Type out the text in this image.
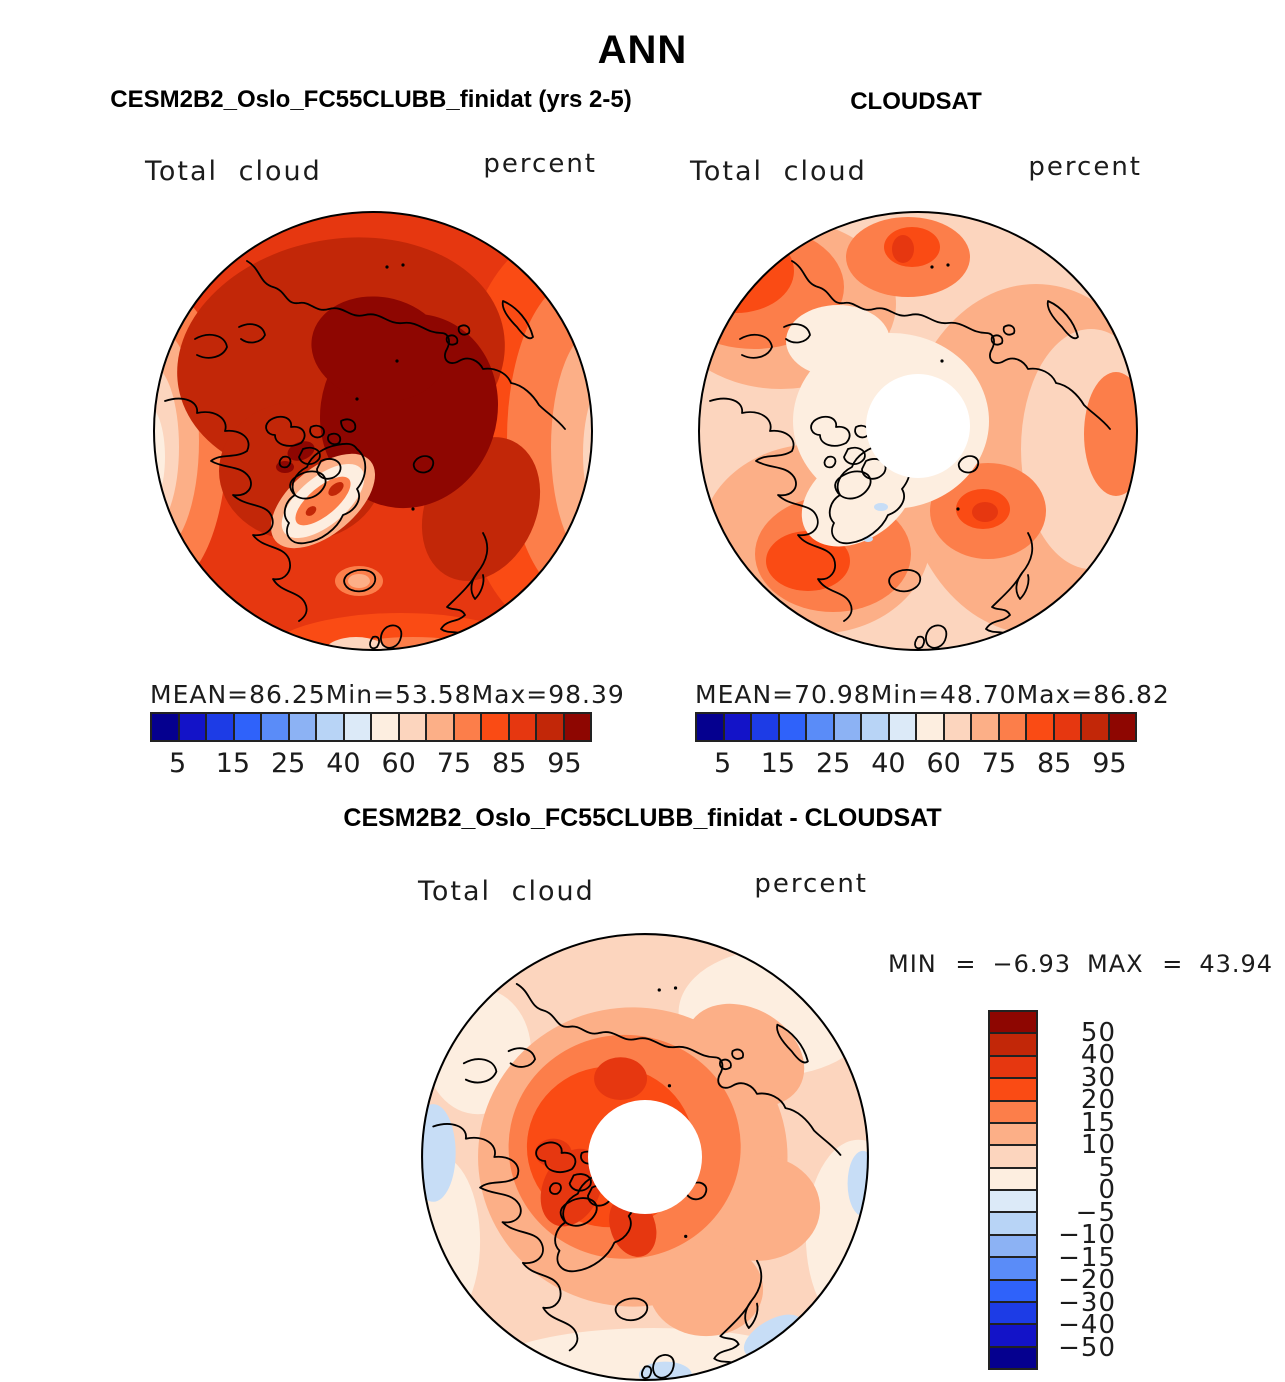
ANN
CESM2B2_Oslo_FC55CLUBB_finidat (yrs 2-5)	CLOUDSAT
Total cloud	percent	Total cloud	percent
MEAN= 86.25 Min= 53.58 Max= 98.39	MEAN= 70.98 Min= 48.70 Max= 86.82
5 15 25 40 60 75 85 95	5 15 25 40 60 75 85 95
CESM2B2_Oslo_FC55CLUBB_finidat - CLOUDSAT
Total cloud	percent
MIN = −6.93 MAX = 43.94
50
40
30
20
15
10
5
0
−5
−10
−15
−20
−30
−40
−50
